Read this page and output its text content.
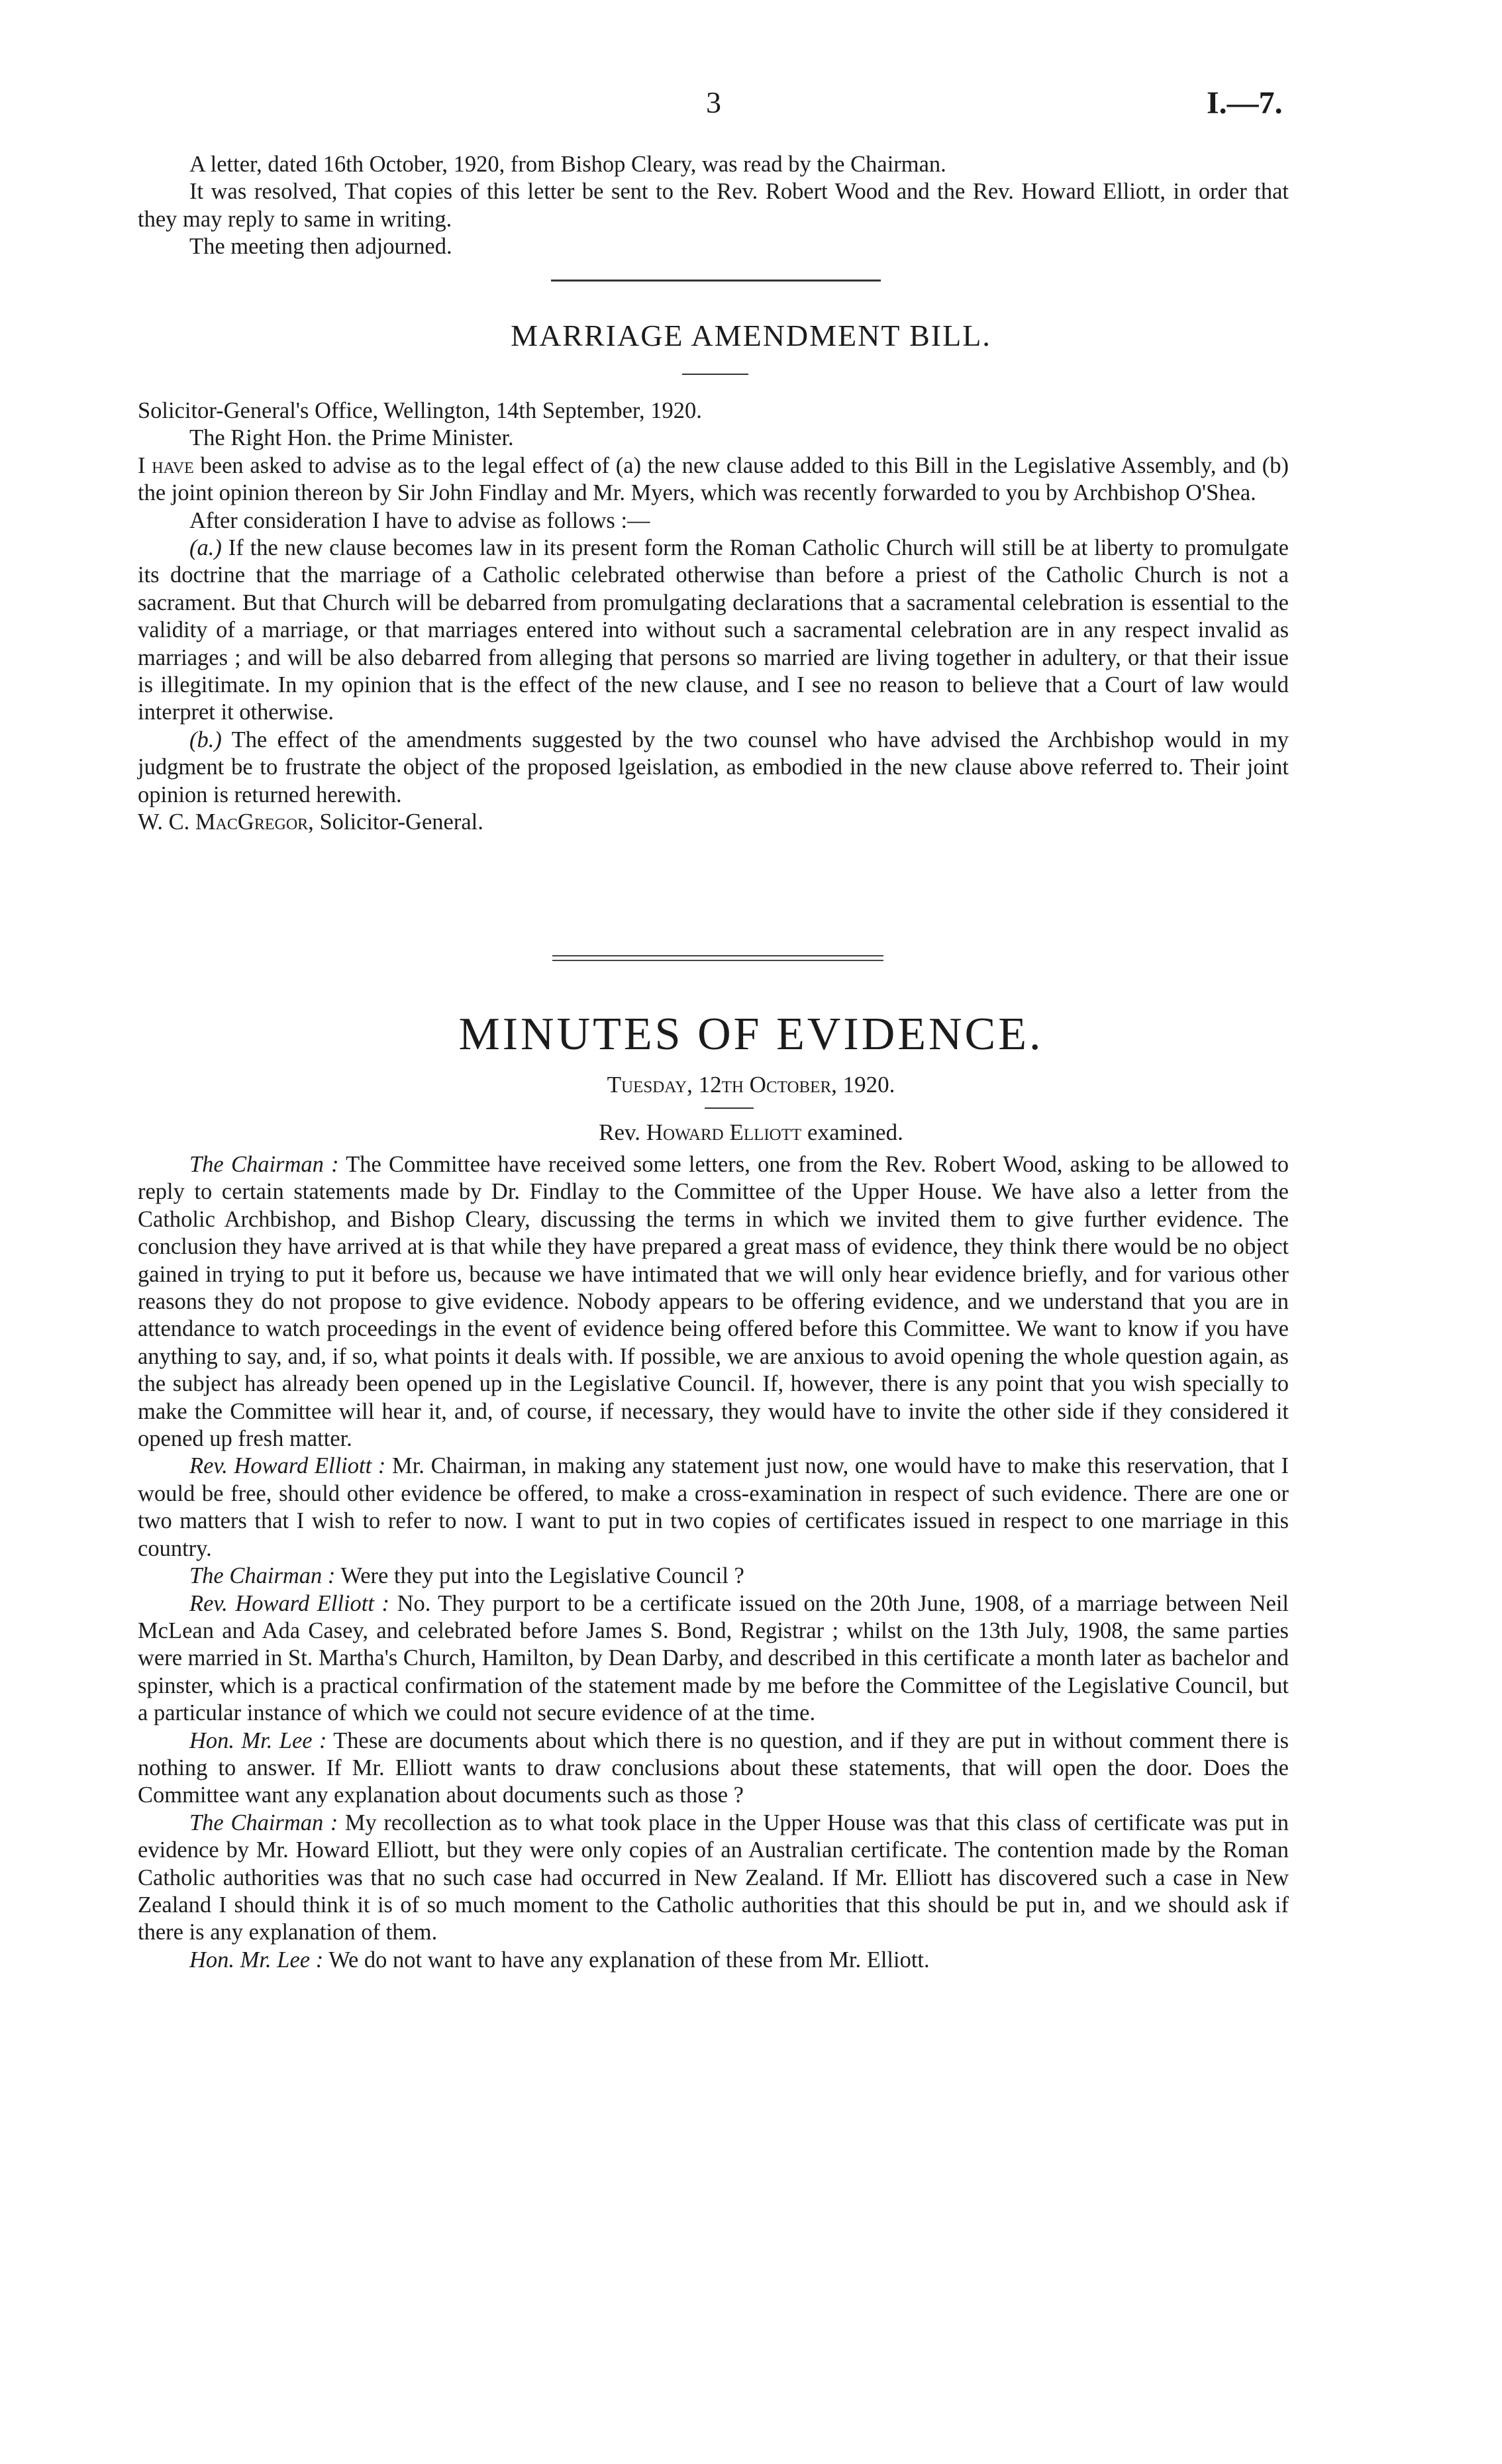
3	I.—7.

A letter, dated 16th October, 1920, from Bishop Cleary, was read by the Chairman.

It was resolved, That copies of this letter be sent to the Rev. Robert Wood and the Rev. Howard Elliott, in order that they may reply to same in writing.

The meeting then adjourned.

MARRIAGE AMENDMENT BILL.

Solicitor-General's Office, Wellington, 14th September, 1920.

The Right Hon. the Prime Minister.

I have been asked to advise as to the legal effect of (a) the new clause added to this Bill in the Legislative Assembly, and (b) the joint opinion thereon by Sir John Findlay and Mr. Myers, which was recently forwarded to you by Archbishop O'Shea.

After consideration I have to advise as follows :—

(a.) If the new clause becomes law in its present form the Roman Catholic Church will still be at liberty to promulgate its doctrine that the marriage of a Catholic celebrated otherwise than before a priest of the Catholic Church is not a sacrament. But that Church will be debarred from promulgating declarations that a sacramental celebration is essential to the validity of a marriage, or that marriages entered into without such a sacramental celebration are in any respect invalid as marriages ; and will be also debarred from alleging that persons so married are living together in adultery, or that their issue is illegitimate. In my opinion that is the effect of the new clause, and I see no reason to believe that a Court of law would interpret it otherwise.

(b.) The effect of the amendments suggested by the two counsel who have advised the Archbishop would in my judgment be to frustrate the object of the proposed lgeislation, as embodied in the new clause above referred to. Their joint opinion is returned herewith.

W. C. MacGregor, Solicitor-General.

MINUTES OF EVIDENCE.
Tuesday, 12th October, 1920.
Rev. Howard Elliott examined.

The Chairman : The Committee have received some letters, one from the Rev. Robert Wood, asking to be allowed to reply to certain statements made by Dr. Findlay to the Committee of the Upper House. We have also a letter from the Catholic Archbishop, and Bishop Cleary, discussing the terms in which we invited them to give further evidence. The conclusion they have arrived at is that while they have prepared a great mass of evidence, they think there would be no object gained in trying to put it before us, because we have intimated that we will only hear evidence briefly, and for various other reasons they do not propose to give evidence. Nobody appears to be offering evidence, and we understand that you are in attendance to watch proceedings in the event of evidence being offered before this Committee. We want to know if you have anything to say, and, if so, what points it deals with. If possible, we are anxious to avoid opening the whole question again, as the subject has already been opened up in the Legislative Council. If, however, there is any point that you wish specially to make the Committee will hear it, and, of course, if necessary, they would have to invite the other side if they considered it opened up fresh matter.

Rev. Howard Elliott : Mr. Chairman, in making any statement just now, one would have to make this reservation, that I would be free, should other evidence be offered, to make a cross-examination in respect of such evidence. There are one or two matters that I wish to refer to now. I want to put in two copies of certificates issued in respect to one marriage in this country.

The Chairman : Were they put into the Legislative Council ?

Rev. Howard Elliott : No. They purport to be a certificate issued on the 20th June, 1908, of a marriage between Neil McLean and Ada Casey, and celebrated before James S. Bond, Registrar ; whilst on the 13th July, 1908, the same parties were married in St. Martha's Church, Hamilton, by Dean Darby, and described in this certificate a month later as bachelor and spinster, which is a practical confirmation of the statement made by me before the Committee of the Legislative Council, but a particular instance of which we could not secure evidence of at the time.

Hon. Mr. Lee : These are documents about which there is no question, and if they are put in without comment there is nothing to answer. If Mr. Elliott wants to draw conclusions about these statements, that will open the door. Does the Committee want any explanation about documents such as those ?

The Chairman : My recollection as to what took place in the Upper House was that this class of certificate was put in evidence by Mr. Howard Elliott, but they were only copies of an Australian certificate. The contention made by the Roman Catholic authorities was that no such case had occurred in New Zealand. If Mr. Elliott has discovered such a case in New Zealand I should think it is of so much moment to the Catholic authorities that this should be put in, and we should ask if there is any explanation of them.

Hon. Mr. Lee : We do not want to have any explanation of these from Mr. Elliott.
